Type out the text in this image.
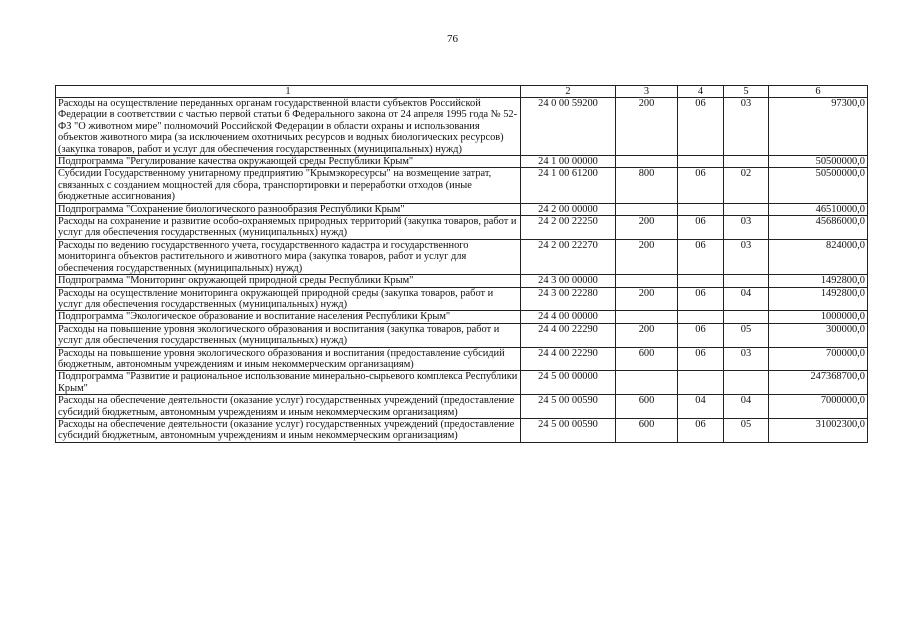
76
1	2	3	4	5	6
Расходы на осуществление переданных органам государственной власти субъектов Российской Федерации в соответствии с частью первой статьи 6 Федерального закона от 24 апреля 1995 года № 52-ФЗ "О животном мире" полномочий Российской Федерации в области охраны и использования объектов животного мира (за исключением охотничьих ресурсов и водных биологических ресурсов) (закупка товаров, работ и услуг для обеспечения государственных (муниципальных) нужд)	24 0 00 59200	200	06	03	97300,0
Подпрограмма "Регулирование качества окружающей среды Республики Крым"	24 1 00 00000				50500000,0
Субсидии Государственному унитарному предприятию "Крымэкоресурсы" на возмещение затрат, связанных с созданием мощностей для сбора, транспортировки и переработки отходов (иные бюджетные ассигнования)	24 1 00 61200	800	06	02	50500000,0
Подпрограмма "Сохранение биологического разнообразия Республики Крым"	24 2 00 00000				46510000,0
Расходы на сохранение и развитие особо-охраняемых природных территорий (закупка товаров, работ и услуг для обеспечения государственных (муниципальных) нужд)	24 2 00 22250	200	06	03	45686000,0
Расходы по ведению государственного учета, государственного кадастра и государственного мониторинга объектов растительного и животного мира (закупка товаров, работ и услуг для обеспечения государственных (муниципальных) нужд)	24 2 00 22270	200	06	03	824000,0
Подпрограмма "Мониторинг окружающей природной среды Республики Крым"	24 3 00 00000				1492800,0
Расходы на осуществление мониторинга окружающей природной среды (закупка товаров, работ и услуг для обеспечения государственных (муниципальных) нужд)	24 3 00 22280	200	06	04	1492800,0
Подпрограмма "Экологическое образование и воспитание населения Республики Крым"	24 4 00 00000				1000000,0
Расходы на повышение уровня экологического образования и воспитания (закупка товаров, работ и услуг для обеспечения государственных (муниципальных) нужд)	24 4 00 22290	200	06	05	300000,0
Расходы на повышение уровня экологического образования и воспитания (предоставление субсидий бюджетным, автономным учреждениям и иным некоммерческим организациям)	24 4 00 22290	600	06	03	700000,0
Подпрограмма "Развитие и рациональное использование минерально-сырьевого комплекса Республики Крым"	24 5 00 00000				247368700,0
Расходы на обеспечение деятельности (оказание услуг) государственных учреждений (предоставление субсидий бюджетным, автономным учреждениям и иным некоммерческим организациям)	24 5 00 00590	600	04	04	7000000,0
Расходы на обеспечение деятельности (оказание услуг) государственных учреждений (предоставление субсидий бюджетным, автономным учреждениям и иным некоммерческим организациям)	24 5 00 00590	600	06	05	31002300,0
